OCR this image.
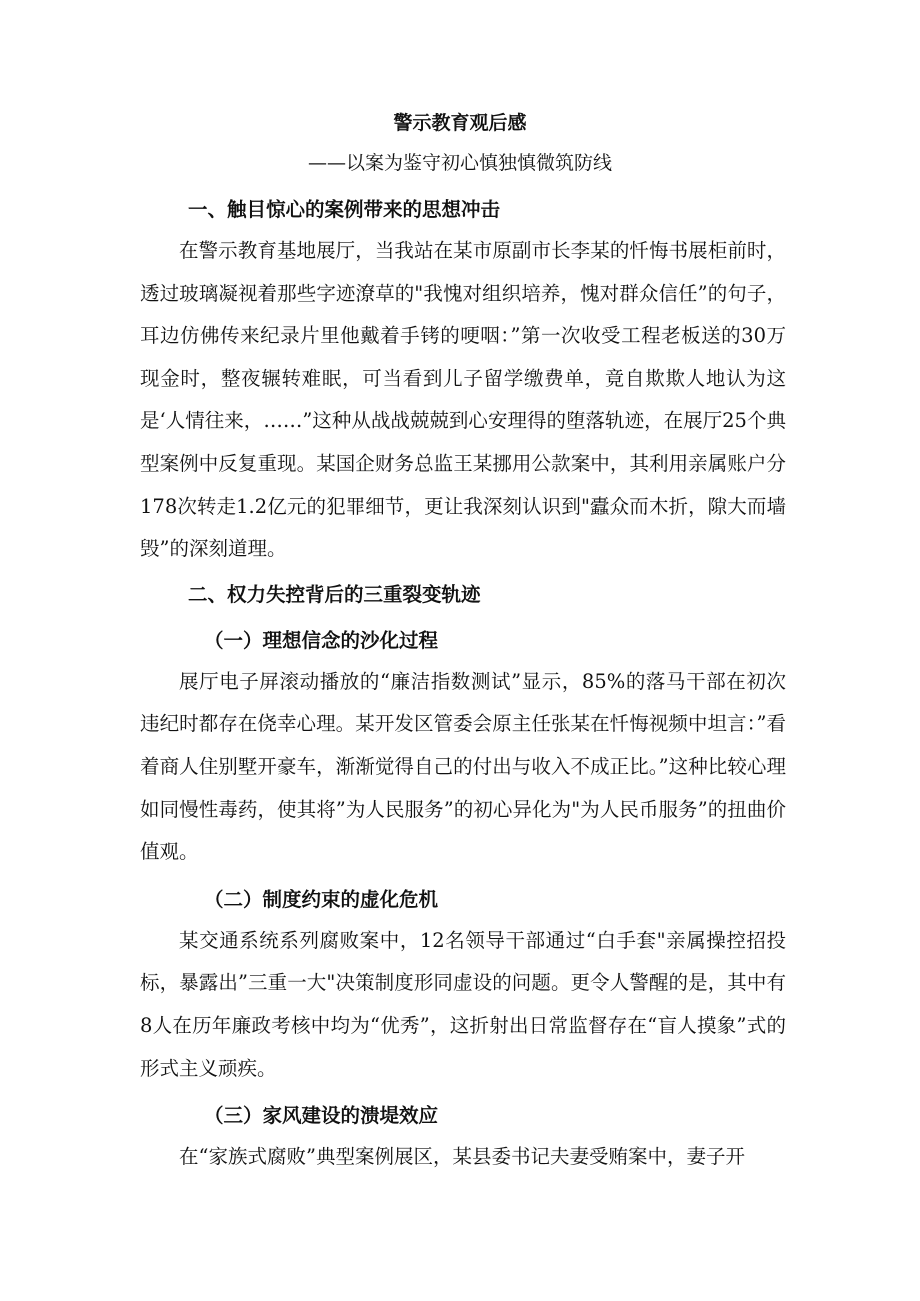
警示教育观后感
——以案为鉴守初心慎独慎微筑防线

一、触目惊心的案例带来的思想冲击

在警示教育基地展厅，当我站在某市原副市长李某的忏悔书展柜前时，透过玻璃凝视着那些字迹潦草的"我愧对组织培养，愧对群众信任”的句子，耳边仿佛传来纪录片里他戴着手铐的哽咽：”第一次收受工程老板送的30万现金时，整夜辗转难眠，可当看到儿子留学缴费单，竟自欺欺人地认为这是‘人情往来，……”这种从战战兢兢到心安理得的堕落轨迹，在展厅25个典型案例中反复重现。某国企财务总监王某挪用公款案中，其利用亲属账户分178次转走1.2亿元的犯罪细节，更让我深刻认识到"蠹众而木折，隙大而墙毁”的深刻道理。

二、权力失控背后的三重裂变轨迹

（一）理想信念的沙化过程

展厅电子屏滚动播放的“廉洁指数测试”显示，85%的落马干部在初次违纪时都存在侥幸心理。某开发区管委会原主任张某在忏悔视频中坦言：”看着商人住别墅开豪车，渐渐觉得自己的付出与收入不成正比。”这种比较心理如同慢性毒药，使其将”为人民服务”的初心异化为"为人民币服务”的扭曲价值观。

（二）制度约束的虚化危机

某交通系统系列腐败案中，12名领导干部通过“白手套"亲属操控招投标，暴露出”三重一大"决策制度形同虚设的问题。更令人警醒的是，其中有8人在历年廉政考核中均为“优秀”，这折射出日常监督存在“盲人摸象”式的形式主义顽疾。

（三）家风建设的溃堤效应

在“家族式腐败”典型案例展区，某县委书记夫妻受贿案中，妻子开
